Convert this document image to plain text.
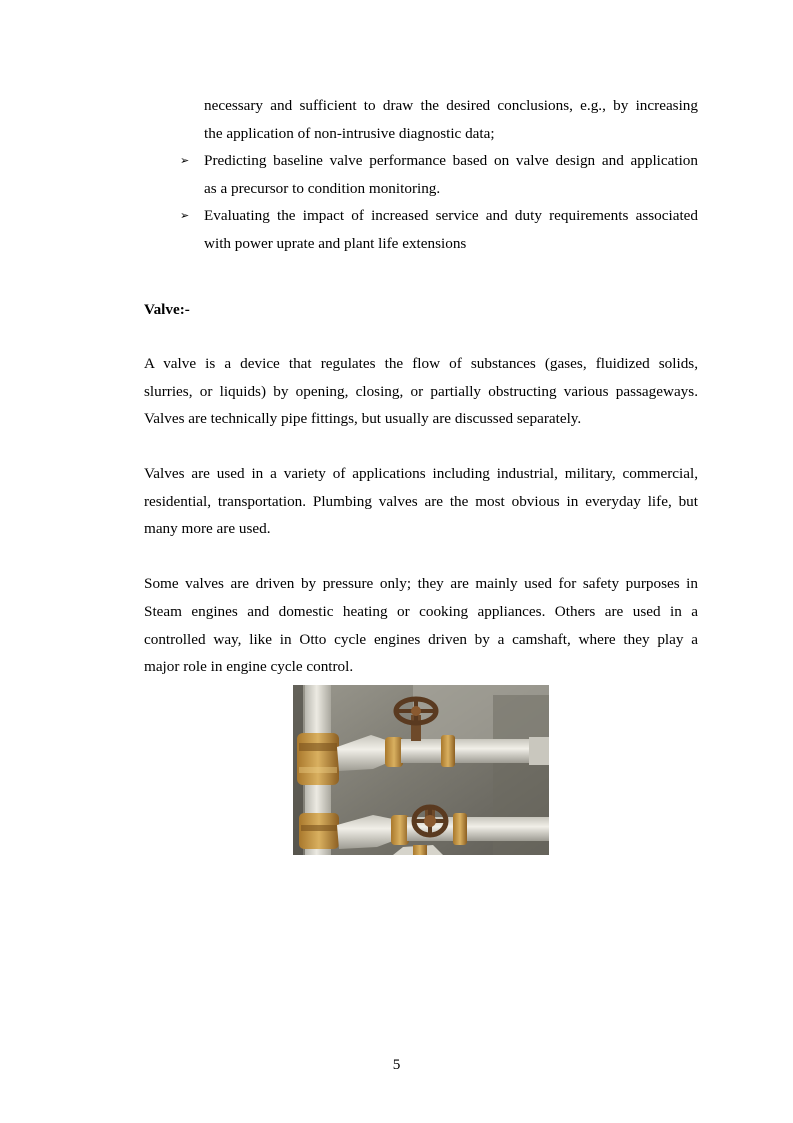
necessary and sufficient to draw the desired conclusions, e.g., by increasing
the application of non-intrusive diagnostic data;
➢ Predicting baseline valve performance based on valve design and application
as a precursor to condition monitoring.
➢ Evaluating the impact of increased service and duty requirements associated
with power uprate and plant life extensions
Valve:-
A valve is a device that regulates the flow of substances (gases, fluidized solids,
slurries, or liquids) by opening, closing, or partially obstructing various passageways.
Valves are technically pipe fittings, but usually are discussed separately.
Valves are used in a variety of applications including industrial, military, commercial,
residential, transportation. Plumbing valves are the most obvious in everyday life, but
many more are used.
Some valves are driven by pressure only; they are mainly used for safety purposes in
Steam engines and domestic heating or cooking appliances. Others are used in a
controlled way, like in Otto cycle engines driven by a camshaft, where they play a
major role in engine cycle control.
5
